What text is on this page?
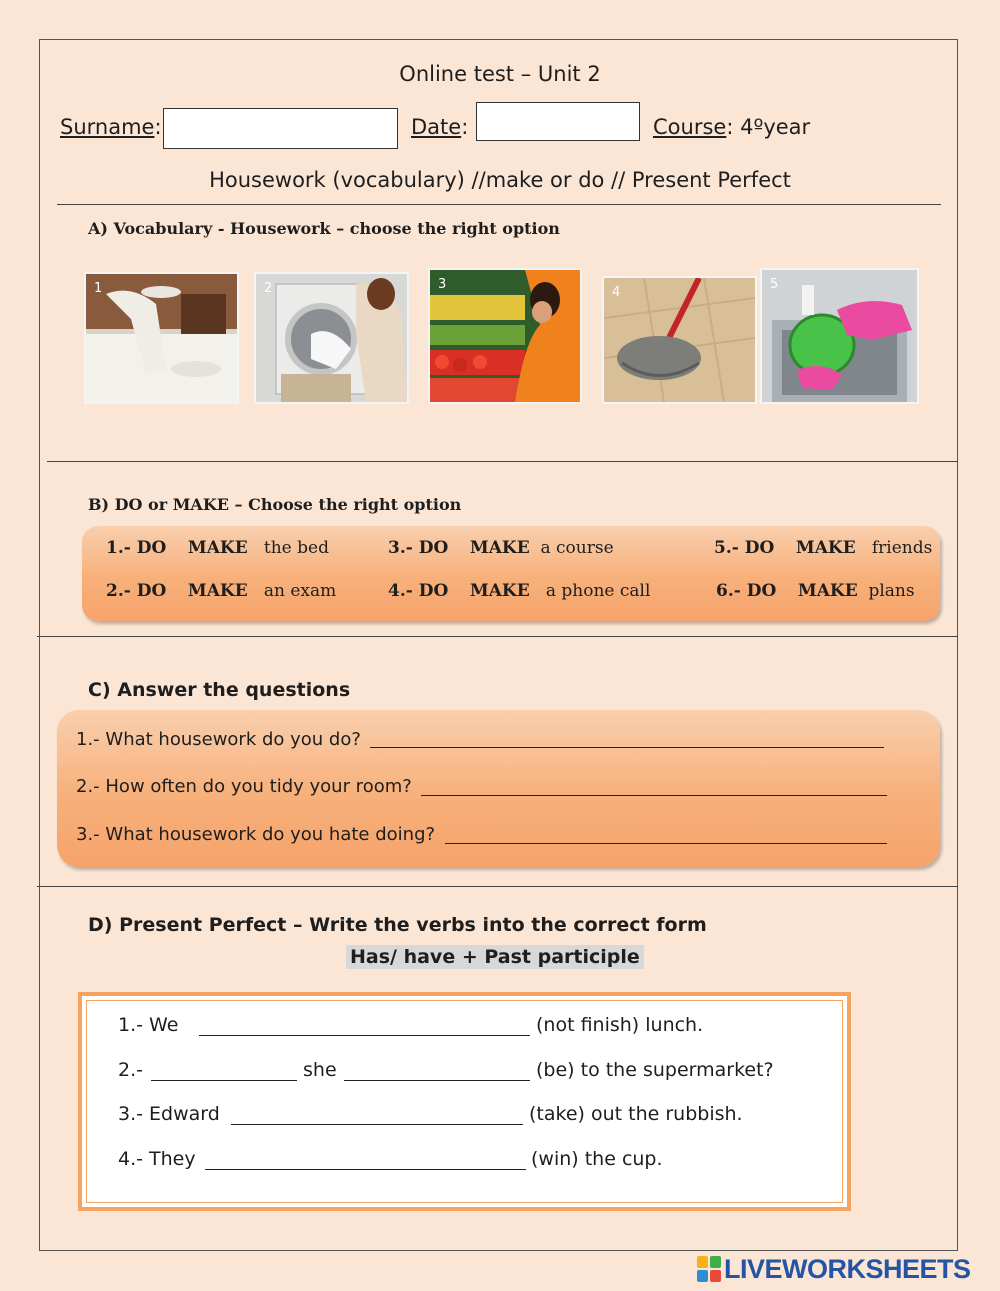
Online test – Unit 2
Surname:	Date:	Course: 4ºyear
Housework (vocabulary) //make or do // Present Perfect
A) Vocabulary - Housework – choose the right option
1	2	3
4
5
B) DO or MAKE – Choose the right option
1.- DO MAKE the bed	3.- DO MAKE a course	5.- DO MAKE friends
2.- DO MAKE an exam	4.- DO MAKE a phone call	6.- DO MAKE plans
C) Answer the questions
1.- What housework do you do?
2.- How often do you tidy your room?
3.- What housework do you hate doing?
D) Present Perfect – Write the verbs into the correct form
Has/ have + Past participle
1.- We	(not finish) lunch.
2.-	she	(be) to the supermarket?
3.- Edward	(take) out the rubbish.
4.- They	(win) the cup.
LIVEWORKSHEETS
